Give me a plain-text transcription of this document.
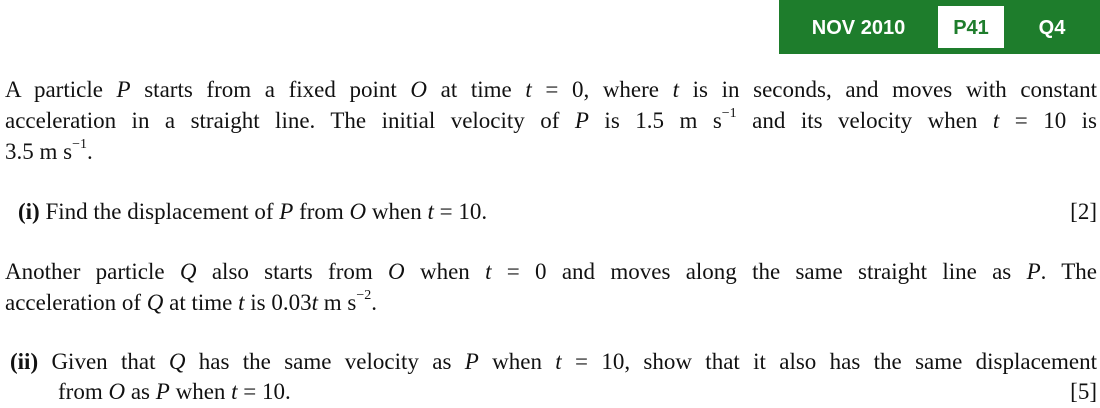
NOV 2010	P41	Q4
A particle P starts from a fixed point O at time t = 0, where t is in seconds, and moves with constant
acceleration in a straight line. The initial velocity of P is 1.5 m $s^{-1}$ and its velocity when t = 10 is
3.5 m $s^{-1}$.
(i) Find the displacement of P from O when t = 10.	[2]
Another particle Q also starts from O when t = 0 and moves along the same straight line as P. The
acceleration of Q at time t is 0.03t m $s^{-2}$.
(ii) Given that Q has the same velocity as P when t = 10, show that it also has the same displacement
from O as P when t = 10.	[5]
